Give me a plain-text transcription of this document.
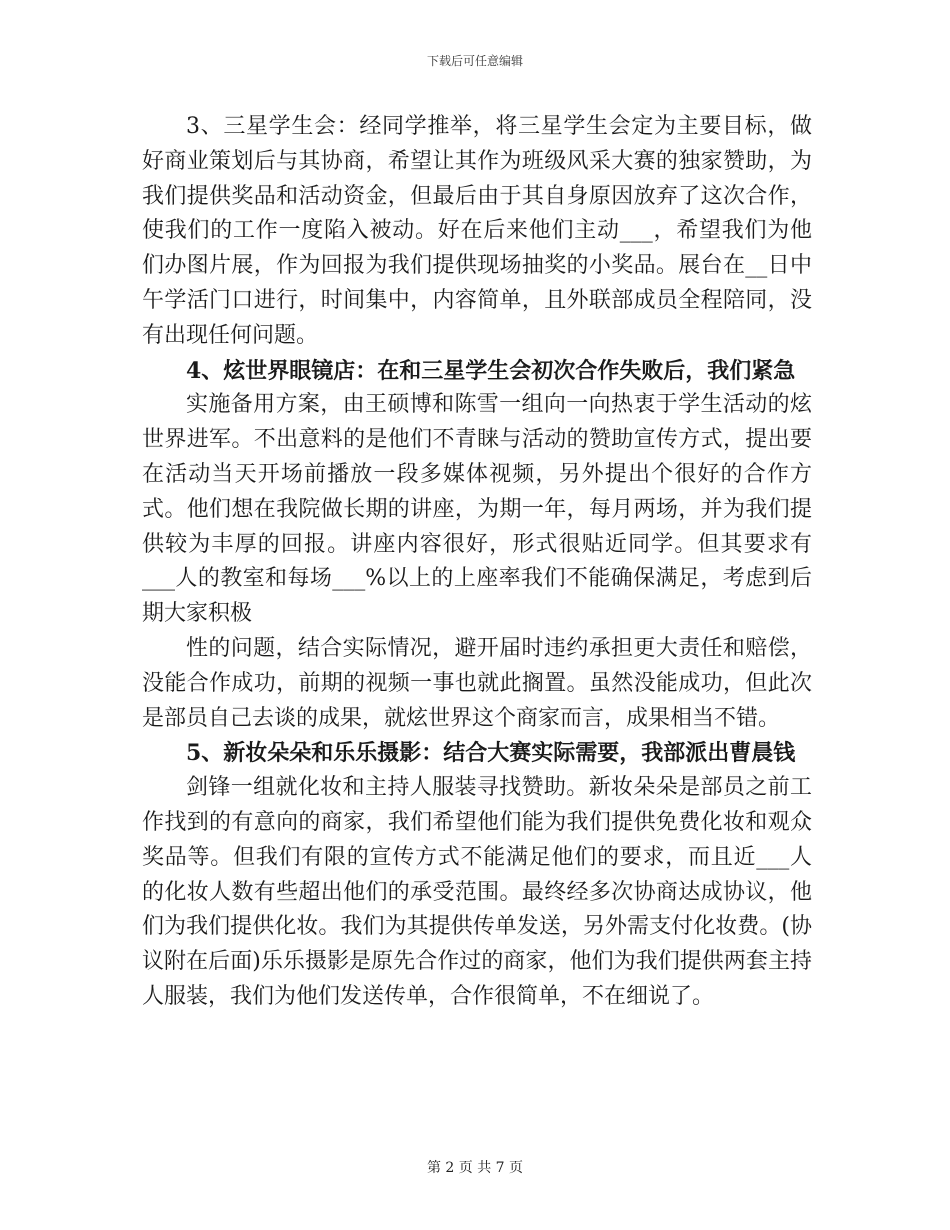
下载后可任意编辑

3、三星学生会：经同学推举，将三星学生会定为主要目标，做好商业策划后与其协商，希望让其作为班级风采大赛的独家赞助，为我们提供奖品和活动资金，但最后由于其自身原因放弃了这次合作，使我们的工作一度陷入被动。好在后来他们主动___，希望我们为他们办图片展，作为回报为我们提供现场抽奖的小奖品。展台在__日中午学活门口进行，时间集中，内容简单，且外联部成员全程陪同，没有出现任何问题。

4、炫世界眼镜店：在和三星学生会初次合作失败后，我们紧急

实施备用方案，由王硕博和陈雪一组向一向热衷于学生活动的炫世界进军。不出意料的是他们不青睐与活动的赞助宣传方式，提出要在活动当天开场前播放一段多媒体视频，另外提出个很好的合作方式。他们想在我院做长期的讲座，为期一年，每月两场，并为我们提供较为丰厚的回报。讲座内容很好，形式很贴近同学。但其要求有___人的教室和每场___%以上的上座率我们不能确保满足，考虑到后期大家积极

性的问题，结合实际情况，避开届时违约承担更大责任和赔偿，没能合作成功，前期的视频一事也就此搁置。虽然没能成功，但此次是部员自己去谈的成果，就炫世界这个商家而言，成果相当不错。

5、新妆朵朵和乐乐摄影：结合大赛实际需要，我部派出曹晨钱

剑锋一组就化妆和主持人服装寻找赞助。新妆朵朵是部员之前工作找到的有意向的商家，我们希望他们能为我们提供免费化妆和观众奖品等。但我们有限的宣传方式不能满足他们的要求，而且近___人的化妆人数有些超出他们的承受范围。最终经多次协商达成协议，他们为我们提供化妆。我们为其提供传单发送，另外需支付化妆费。(协议附在后面)乐乐摄影是原先合作过的商家，他们为我们提供两套主持人服装，我们为他们发送传单，合作很简单，不在细说了。

第 2 页 共 7 页
